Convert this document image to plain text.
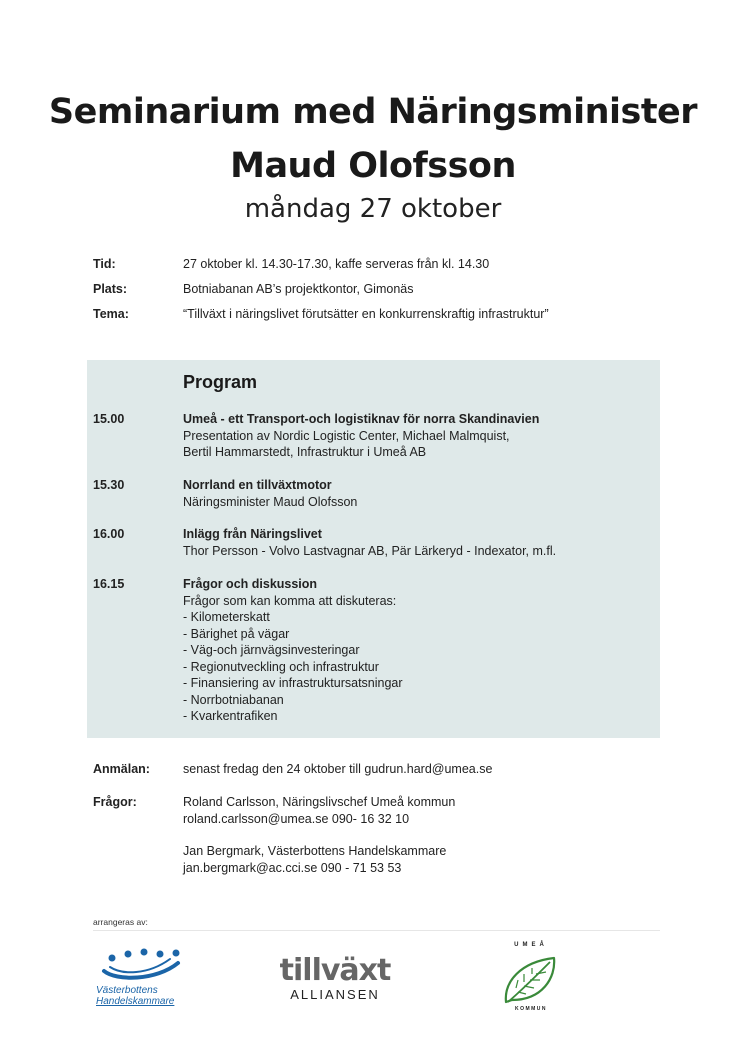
Seminarium med Näringsminister
Maud Olofsson
måndag 27 oktober
Tid:	27 oktober kl. 14.30-17.30, kaffe serveras från kl. 14.30
Plats:	Botniabanan AB’s projektkontor, Gimonäs
Tema:	“Tillväxt i näringslivet förutsätter en konkurrenskraftig infrastruktur”
Program
15.00	Umeå - ett Transport-och logistiknav för norra Skandinavien
Presentation av Nordic Logistic Center, Michael Malmquist,
Bertil Hammarstedt, Infrastruktur i Umeå AB
15.30	Norrland en tillväxtmotor
Näringsminister Maud Olofsson
16.00	Inlägg från Näringslivet
Thor Persson - Volvo Lastvagnar AB, Pär Lärkeryd - Indexator, m.fl.
16.15	Frågor och diskussion
Frågor som kan komma att diskuteras:
- Kilometerskatt
- Bärighet på vägar
- Väg-och järnvägsinvesteringar
- Regionutveckling och infrastruktur
- Finansiering av infrastruktursatsningar
- Norrbotniabanan
- Kvarkentrafiken
Anmälan:	senast fredag den 24 oktober till gudrun.hard@umea.se
Frågor:	Roland Carlsson, Näringslivschef Umeå kommun
roland.carlsson@umea.se 090- 16 32 10
Jan Bergmark, Västerbottens Handelskammare
jan.bergmark@ac.cci.se 090 - 71 53 53
arrangeras av:
Västerbottens
Handelskammare
tillväxt
ALLIANSEN
UMEÅ
KOMMUN
